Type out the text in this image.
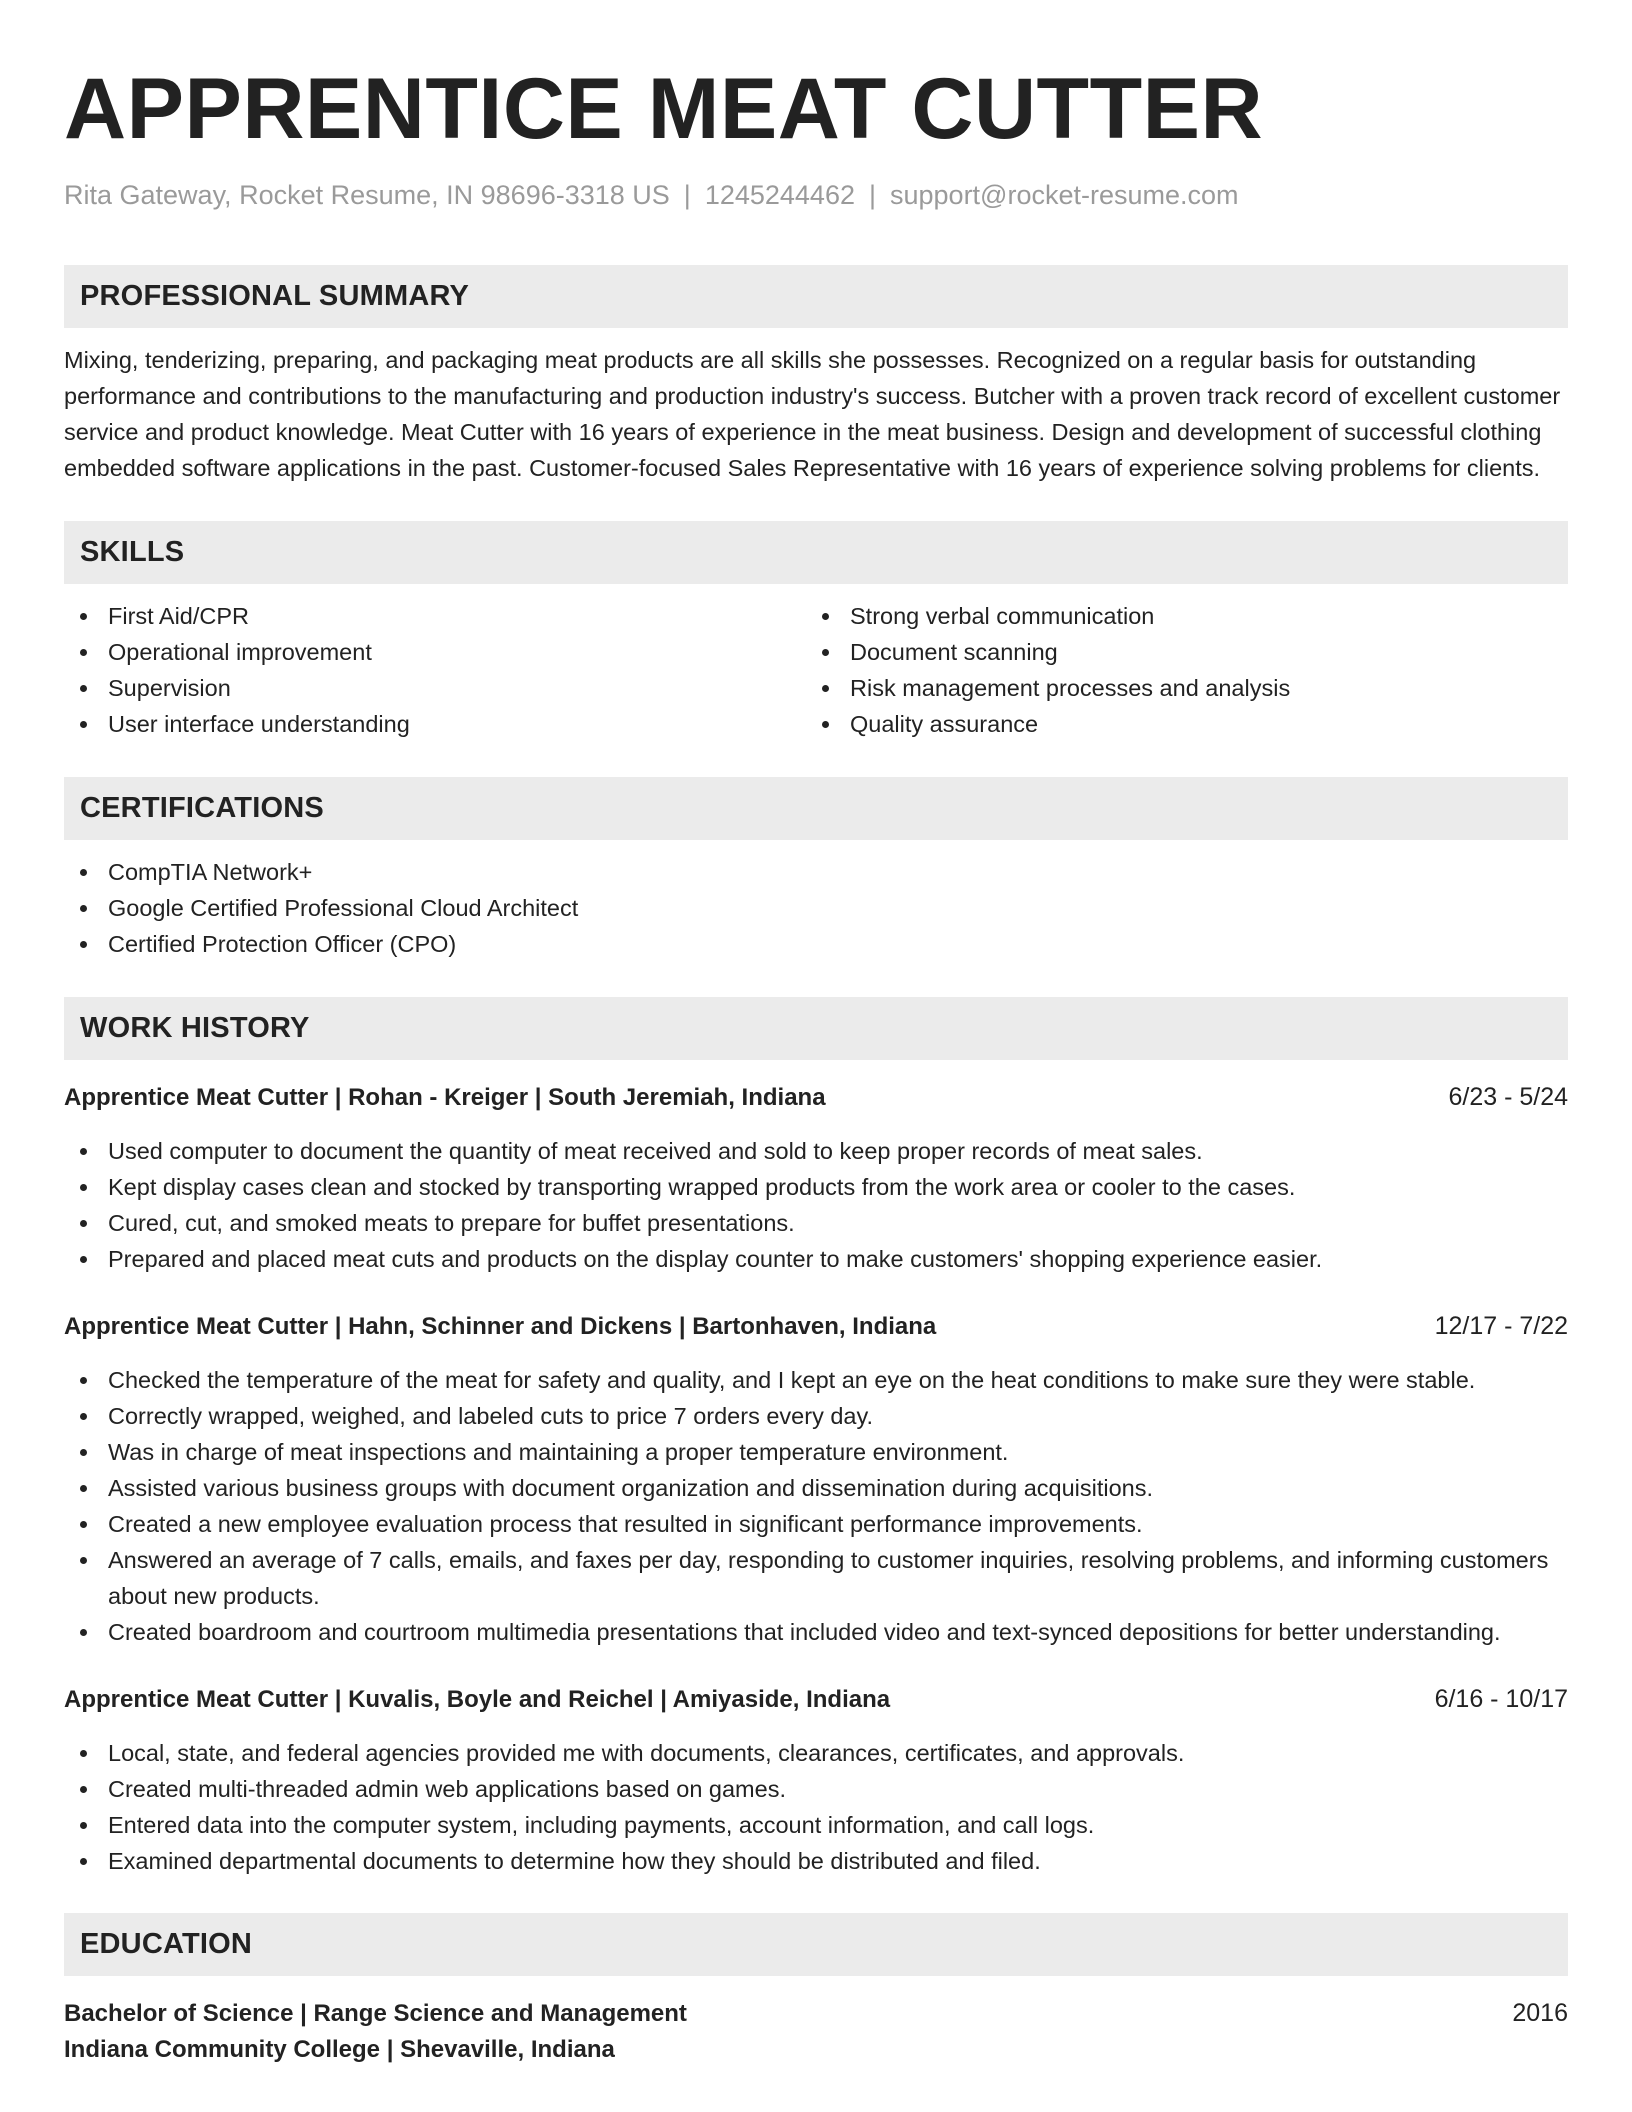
APPRENTICE MEAT CUTTER
Rita Gateway, Rocket Resume, IN 98696-3318 US | 1245244462 | support@rocket-resume.com
PROFESSIONAL SUMMARY
Mixing, tenderizing, preparing, and packaging meat products are all skills she possesses. Recognized on a regular basis for outstanding performance and contributions to the manufacturing and production industry's success. Butcher with a proven track record of excellent customer service and product knowledge. Meat Cutter with 16 years of experience in the meat business. Design and development of successful clothing embedded software applications in the past. Customer-focused Sales Representative with 16 years of experience solving problems for clients.
SKILLS
First Aid/CPR
Operational improvement
Supervision
User interface understanding
Strong verbal communication
Document scanning
Risk management processes and analysis
Quality assurance
CERTIFICATIONS
CompTIA Network+
Google Certified Professional Cloud Architect
Certified Protection Officer (CPO)
WORK HISTORY
Apprentice Meat Cutter | Rohan - Kreiger | South Jeremiah, Indiana	6/23 - 5/24
Used computer to document the quantity of meat received and sold to keep proper records of meat sales.
Kept display cases clean and stocked by transporting wrapped products from the work area or cooler to the cases.
Cured, cut, and smoked meats to prepare for buffet presentations.
Prepared and placed meat cuts and products on the display counter to make customers' shopping experience easier.
Apprentice Meat Cutter | Hahn, Schinner and Dickens | Bartonhaven, Indiana	12/17 - 7/22
Checked the temperature of the meat for safety and quality, and I kept an eye on the heat conditions to make sure they were stable.
Correctly wrapped, weighed, and labeled cuts to price 7 orders every day.
Was in charge of meat inspections and maintaining a proper temperature environment.
Assisted various business groups with document organization and dissemination during acquisitions.
Created a new employee evaluation process that resulted in significant performance improvements.
Answered an average of 7 calls, emails, and faxes per day, responding to customer inquiries, resolving problems, and informing customers about new products.
Created boardroom and courtroom multimedia presentations that included video and text-synced depositions for better understanding.
Apprentice Meat Cutter | Kuvalis, Boyle and Reichel | Amiyaside, Indiana	6/16 - 10/17
Local, state, and federal agencies provided me with documents, clearances, certificates, and approvals.
Created multi-threaded admin web applications based on games.
Entered data into the computer system, including payments, account information, and call logs.
Examined departmental documents to determine how they should be distributed and filed.
EDUCATION
Bachelor of Science | Range Science and Management	2016
Indiana Community College | Shevaville, Indiana
